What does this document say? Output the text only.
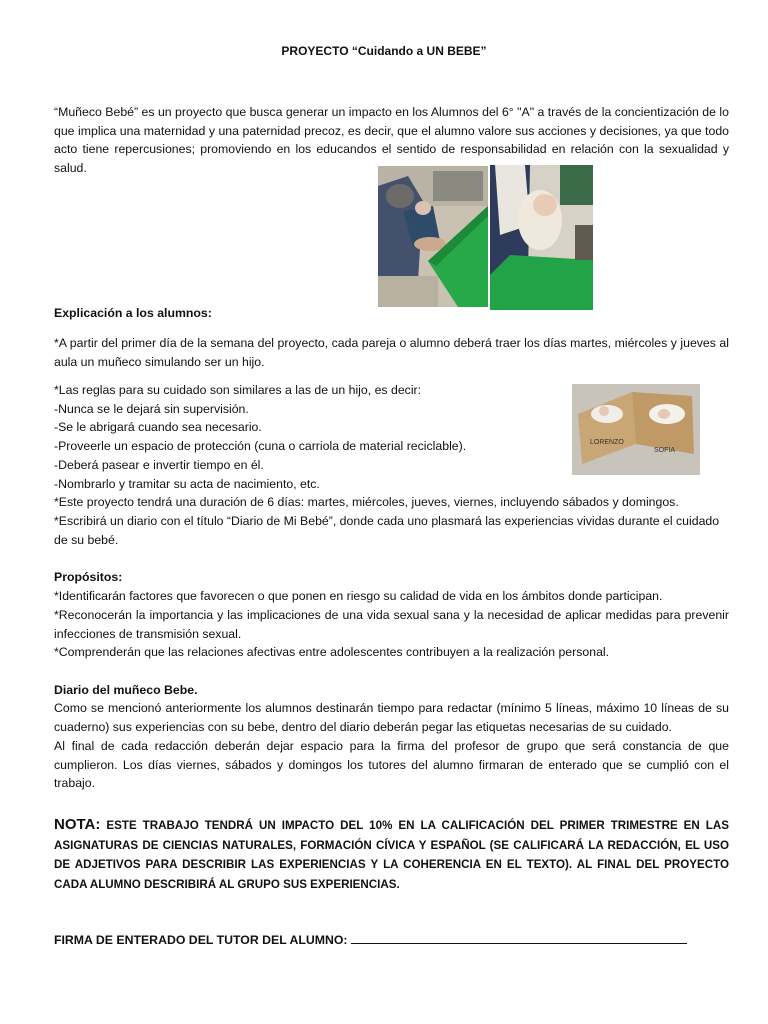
PROYECTO “Cuidando a UN BEBE”
“Muñeco Bebé” es un proyecto que busca generar un impacto en los Alumnos del 6° "A" a través de la concientización de lo que implica una maternidad y una paternidad precoz, es decir, que el alumno valore sus acciones y decisiones, ya que todo acto tiene repercusiones; promoviendo en los educandos el sentido de responsabilidad en relación con la sexualidad y salud.
LORENZO
SOFIA
Explicación a los alumnos:
*A partir del primer día de la semana del proyecto, cada pareja o alumno deberá traer los días martes, miércoles y jueves al aula un muñeco simulando ser un hijo.
*Las reglas para su cuidado son similares a las de un hijo, es decir:
-Nunca se le dejará sin supervisión.
-Se le abrigará cuando sea necesario.
-Proveerle un espacio de protección (cuna o carriola de material reciclable).
-Deberá pasear e invertir tiempo en él.
-Nombrarlo y tramitar su acta de nacimiento, etc.
*Este proyecto tendrá una duración de 6 días: martes, miércoles, jueves, viernes, incluyendo sábados y domingos.
*Escribirá un diario con el título “Diario de Mi Bebé”, donde cada uno plasmará las experiencias vividas durante el cuidado de su bebé.
Propósitos:
*Identificarán factores que favorecen o que ponen en riesgo su calidad de vida en los ámbitos donde participan.
*Reconocerán la importancia y las implicaciones de una vida sexual sana y la necesidad de aplicar medidas para prevenir infecciones de transmisión sexual.
*Comprenderán que las relaciones afectivas entre adolescentes contribuyen a la realización personal.
Diario del muñeco Bebe.
Como se mencionó anteriormente los alumnos destinarán tiempo para redactar (mínimo 5 líneas, máximo 10 líneas de su cuaderno) sus experiencias con su bebe, dentro del diario deberán pegar las etiquetas necesarias de su cuidado.
Al final de cada redacción deberán dejar espacio para la firma del profesor de grupo que será constancia de que cumplieron. Los días viernes, sábados y domingos los tutores del alumno firmaran de enterado que se cumplió con el trabajo.
NOTA: ESTE TRABAJO TENDRÁ UN IMPACTO DEL 10% EN LA CALIFICACIÓN DEL PRIMER TRIMESTRE EN LAS ASIGNATURAS DE CIENCIAS NATURALES, FORMACIÓN CÍVICA Y ESPAÑOL (SE CALIFICARÁ LA REDACCIÓN, EL USO DE ADJETIVOS PARA DESCRIBIR LAS EXPERIENCIAS Y LA COHERENCIA EN EL TEXTO). AL FINAL DEL PROYECTO CADA ALUMNO DESCRIBIRÁ AL GRUPO SUS EXPERIENCIAS.
FIRMA DE ENTERADO DEL TUTOR DEL ALUMNO:
